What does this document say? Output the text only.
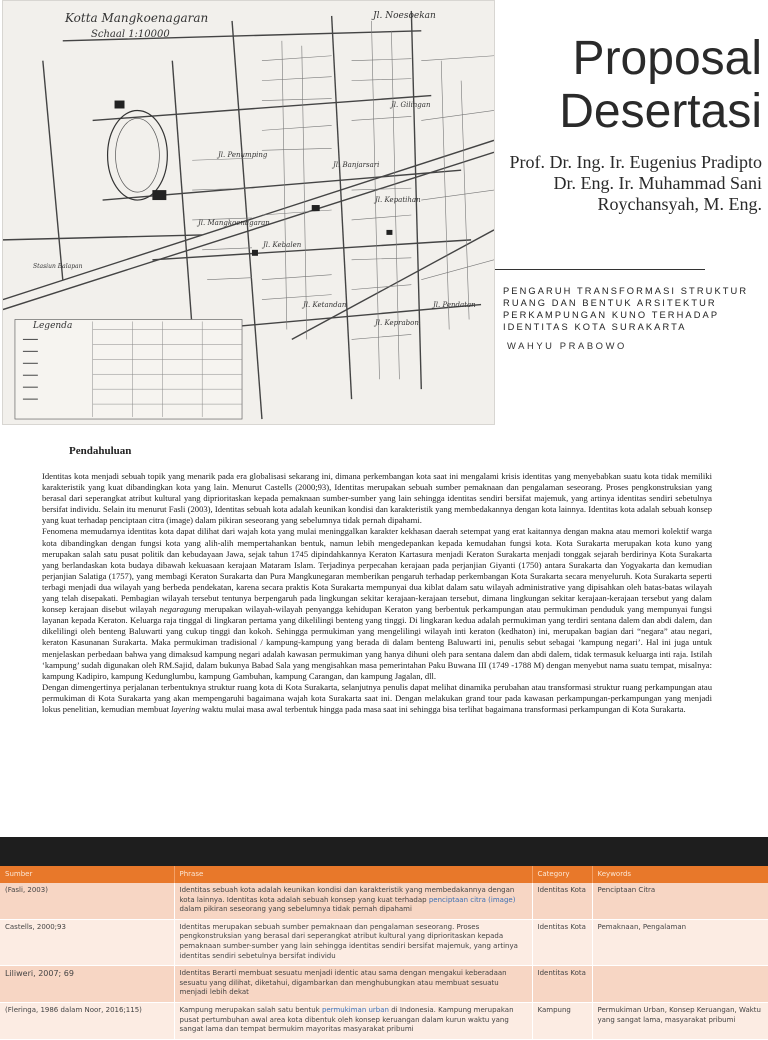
Kotta Mangkoenagaran
Schaal 1:10000
Legenda
Jl. Noesoekan
Jl. Gilingan
Jl. Mangkoenagaran
Jl. Banjarsari
Jl. Kepatihan
Jl. Kebalen
Jl. Ketandan
Jl. Keprabon
Jl. Pendatan
Jl. Penumping
Stasiun Balapan
Proposal
Desertasi
Prof. Dr. Ing. Ir. Eugenius Pradipto
Dr. Eng. Ir. Muhammad Sani
Roychansyah, M. Eng.
PENGARUH TRANSFORMASI STRUKTUR RUANG DAN BENTUK ARSITEKTUR PERKAMPUNGAN KUNO TERHADAP IDENTITAS KOTA SURAKARTA
WAHYU PRABOWO
Pendahuluan

Identitas kota menjadi sebuah topik yang menarik pada era globalisasi sekarang ini, dimana perkembangan kota saat ini mengalami krisis identitas yang menyebabkan suatu kota tidak memiliki karakteristik yang kuat dibandingkan kota yang lain. Menurut Castells (2000;93), Identitas merupakan sebuah sumber pemaknaan dan pengalaman seseorang. Proses pengkonstruksian yang berasal dari seperangkat atribut kultural yang diprioritaskan kepada pemaknaan sumber-sumber yang lain sehingga identitas sendiri bersifat majemuk, yang artinya identitas sendiri sebetulnya bersifat individu. Selain itu menurut Fasli (2003), Identitas sebuah kota adalah keunikan kondisi dan karakteristik yang membedakannya dengan kota lainnya. Identitas kota adalah sebuah konsep yang kuat terhadap penciptaan citra (image) dalam pikiran seseorang yang sebelumnya tidak pernah dipahami.

Fenomena memudarnya identitas kota dapat dilihat dari wajah kota yang mulai meninggalkan karakter kekhasan daerah setempat yang erat kaitannya dengan makna atau memori kolektif warga kota dibandingkan dengan fungsi kota yang alih-alih mempertahankan bentuk, namun lebih mengedepankan kepada kemudahan fungsi kota. Kota Surakarta merupakan kota kuno yang merupakan salah satu pusat politik dan kebudayaan Jawa, sejak tahun 1745 dipindahkannya Keraton Kartasura menjadi Keraton Surakarta menjadi tonggak sejarah berdirinya Kota Surakarta yang berlandaskan kota budaya dibawah kekuasaan kerajaan Mataram Islam. Terjadinya perpecahan kerajaan pada perjanjian Giyanti (1750) antara Surakarta dan Yogyakarta dan kemudian perjanjian Salatiga (1757), yang membagi Keraton Surakarta dan Pura Mangkunegaran memberikan pengaruh terhadap perkembangan Kota Surakarta secara menyeluruh. Kota Surakarta seperti terbagi menjadi dua wilayah yang berbeda pendekatan, karena secara praktis Kota Surakarta mempunyai dua kiblat dalam satu wilayah administrative yang dipisahkan oleh batas-batas wilayah yang telah disepakati. Pembagian wilayah tersebut tentunya berpengaruh pada lingkungan sekitar kerajaan-kerajaan tersebut, dimana lingkungan sekitar kerajaan-kerajaan tersebut yang dalam konsep kerajaan disebut wilayah negaragung merupakan wilayah-wilayah penyangga kehidupan Keraton yang berbentuk perkampungan atau permukiman penduduk yang mempunyai fungsi layanan kepada Keraton. Keluarga raja tinggal di lingkaran pertama yang dikelilingi benteng yang tinggi. Di lingkaran kedua adalah permukiman yang terdiri sentana dalem dan abdi dalem, dan dikelilingi oleh benteng Baluwarti yang cukup tinggi dan kokoh. Sehingga permukiman yang mengelilingi wilayah inti keraton (kedhaton) ini, merupakan bagian dari “negara” atau negari, keraton Kasunanan Surakarta. Maka permukiman tradisional / kampung-kampung yang berada di dalam benteng Baluwarti ini, penulis sebut sebagai ‘kampung negari’. Hal ini juga untuk menjelaskan perbedaan bahwa yang dimaksud kampung negari adalah kawasan permukiman yang hanya dihuni oleh para sentana dalem dan abdi dalem, tidak termasuk keluarga inti raja. Istilah ‘kampung’ sudah digunakan oleh RM.Sajid, dalam bukunya Babad Sala yang mengisahkan masa pemerintahan Paku Buwana III (1749 -1788 M) dengan menyebut nama suatu tempat, misalnya: kampung Kadipiro, kampung Kedunglumbu, kampung Gambuhan, kampung Carangan, dan kampung Jagalan, dll.

Dengan dimengertinya perjalanan terbentuknya struktur ruang kota di Kota Surakarta, selanjutnya penulis dapat melihat dinamika perubahan atau transformasi struktur ruang perkampungan atau permukiman di Kota Surakarta yang akan mempengaruhi bagaimana wajah kota Surakarta saat ini. Dengan melakukan grand tour pada kawasan perkampungan-perkampungan yang menjadi lokus penelitian, kemudian membuat layering waktu mulai masa awal terbentuk hingga pada masa saat ini sehingga bisa terlihat bagaimana transformasi perkampungan di Kota Surakarta.

Sumber	Phrase	Category	Keywords
(Fasli, 2003)	Identitas sebuah kota adalah keunikan kondisi dan karakteristik yang membedakannya dengan kota lainnya. Identitas kota adalah sebuah konsep yang kuat terhadap penciptaan citra (image) dalam pikiran seseorang yang sebelumnya tidak pernah dipahami	Identitas Kota	Penciptaan Citra
Castells, 2000;93	Identitas merupakan sebuah sumber pemaknaan dan pengalaman seseorang. Proses pengkonstruksian yang berasal dari seperangkat atribut kultural yang diprioritaskan kepada pemaknaan sumber-sumber yang lain sehingga identitas sendiri bersifat majemuk, yang artinya identitas sendiri sebetulnya bersifat individu	Identitas Kota	Pemaknaan, Pengalaman
Liliweri, 2007; 69	Identitas Berarti membuat sesuatu menjadi identic atau sama dengan mengakui keberadaan sesuatu yang dilihat, diketahui, digambarkan dan menghubungkan atau membuat sesuatu menjadi lebih dekat	Identitas Kota	
(Fleringa, 1986 dalam Noor, 2016;115)	Kampung merupakan salah satu bentuk permukiman urban di Indonesia. Kampung merupakan pusat pertumbuhan awal area kota dibentuk oleh konsep keruangan dalam kurun waktu yang sangat lama dan tempat bermukim mayoritas masyarakat pribumi	Kampung	Permukiman Urban, Konsep Keruangan, Waktu yang sangat lama, masyarakat pribumi
